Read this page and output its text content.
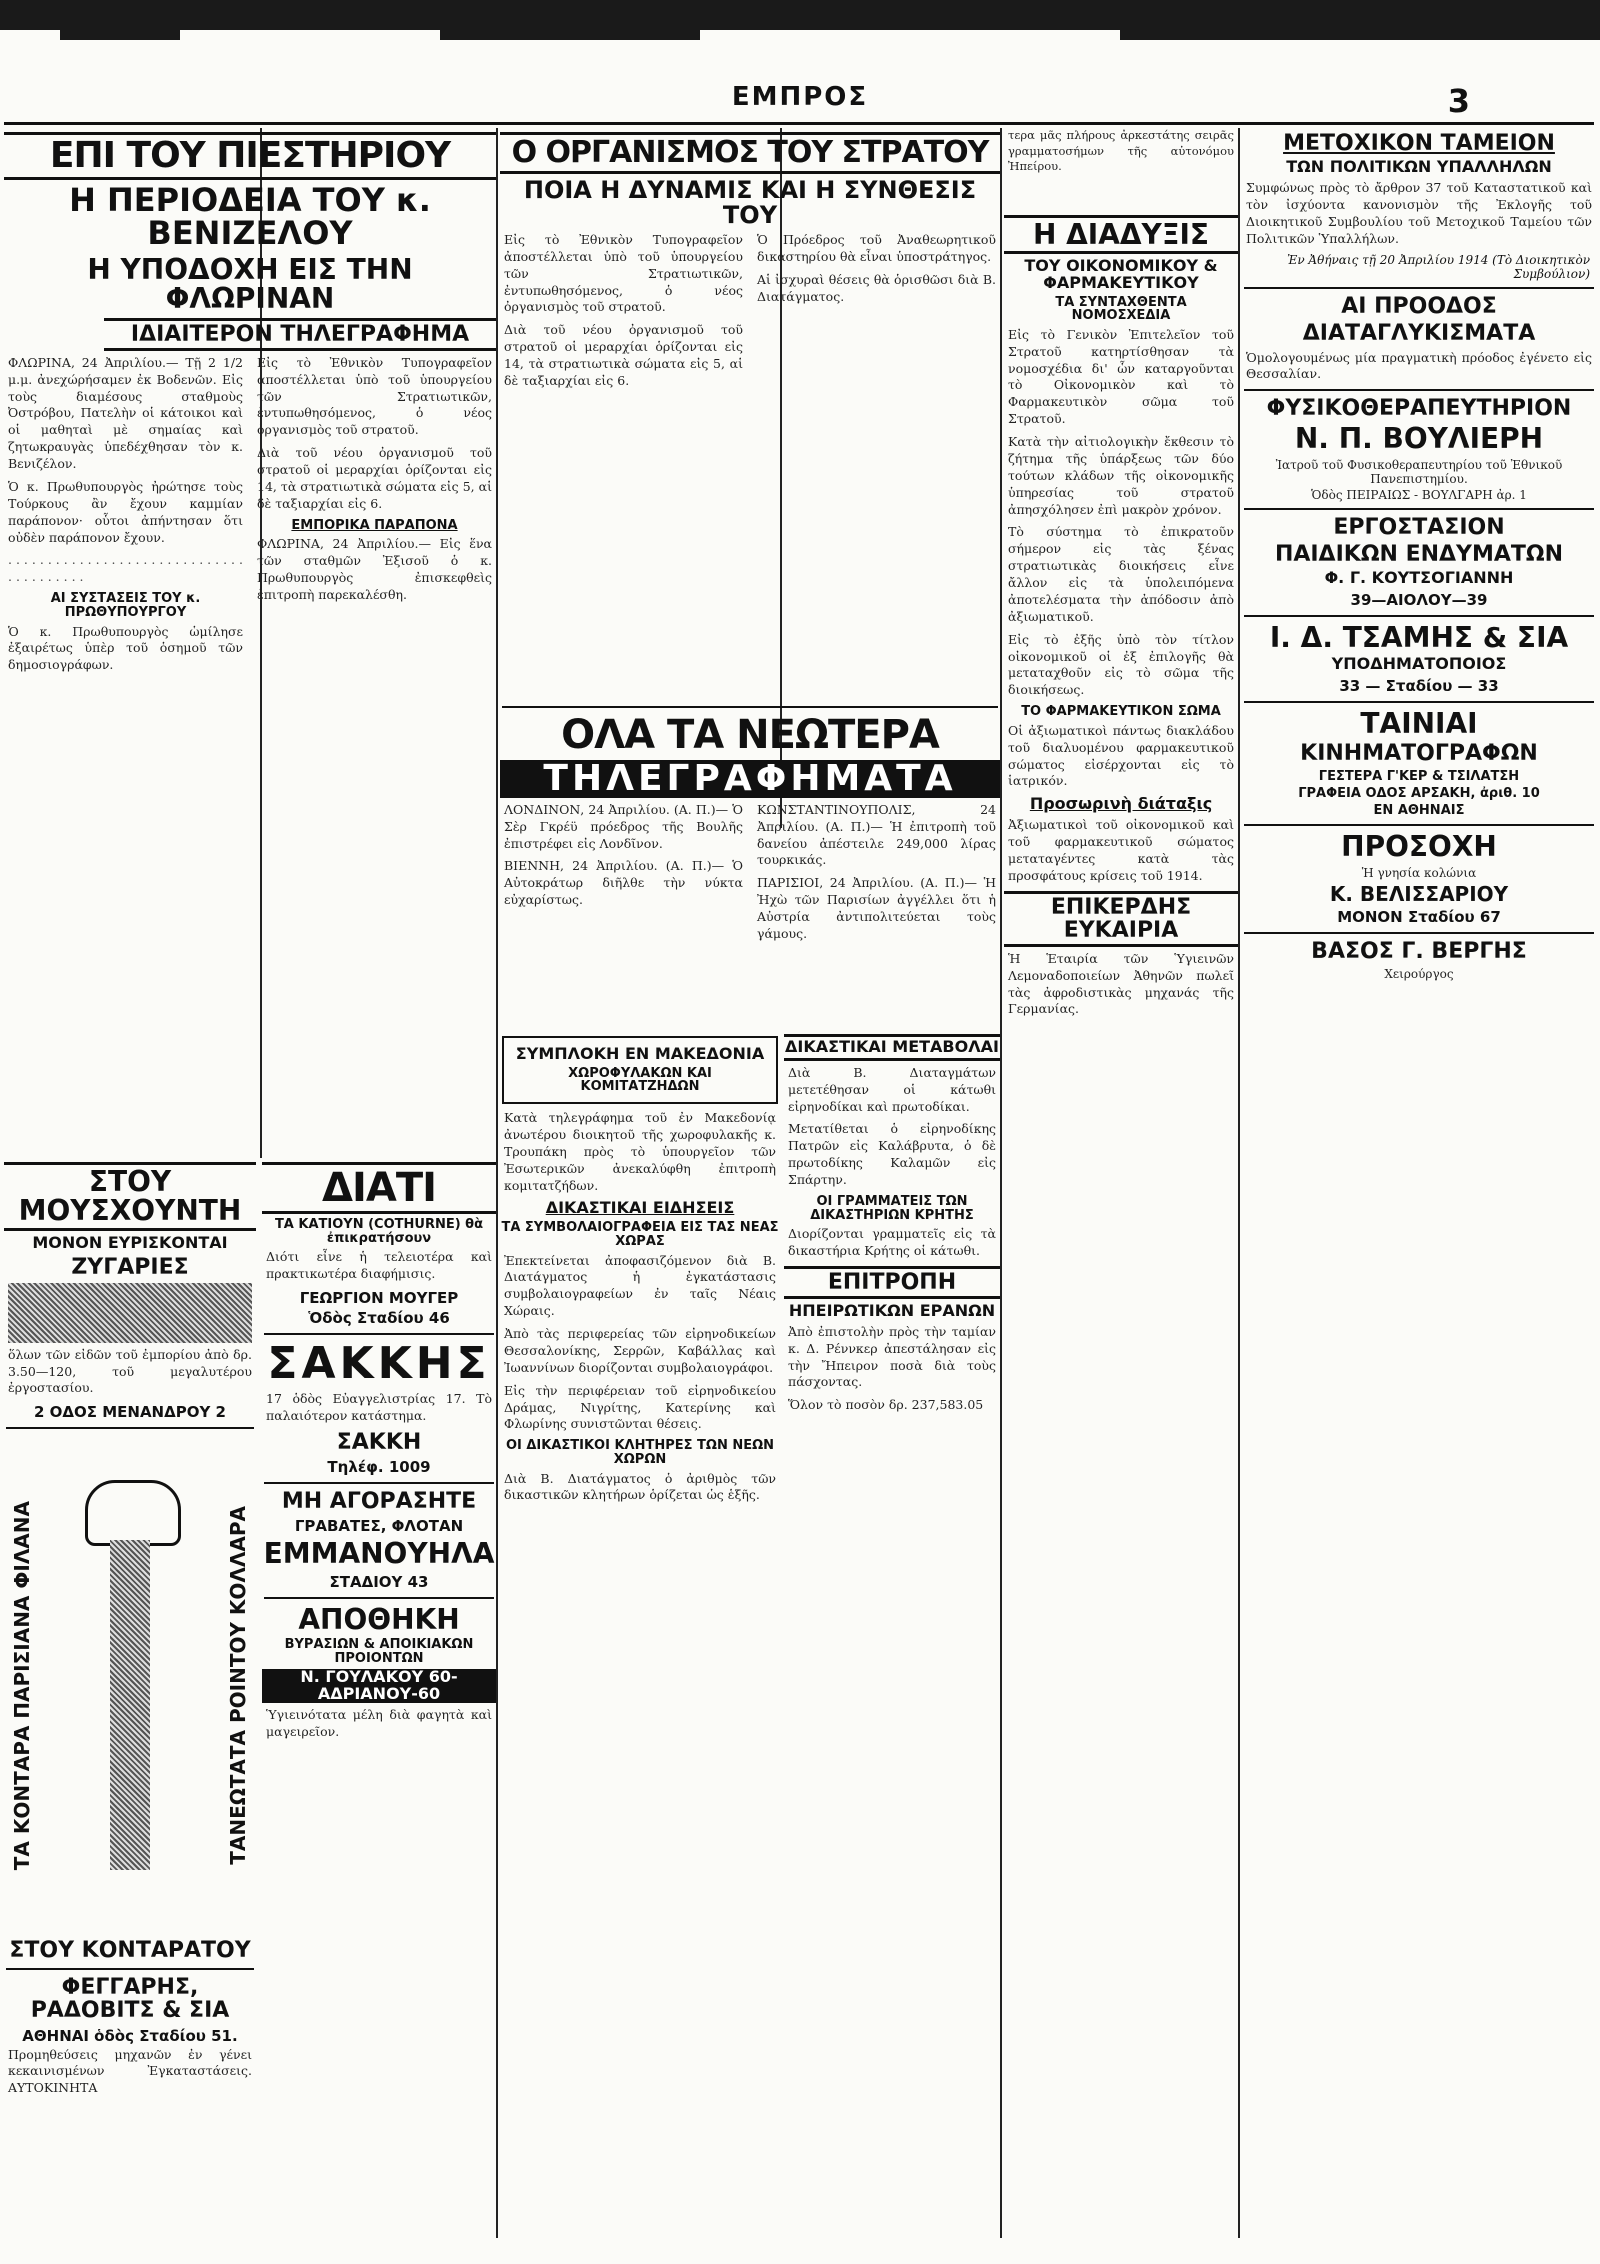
ΕΜΠΡΟΣ	3
ΕΠΙ ΤΟΥ ΠΙΕΣΤΗΡΙΟΥ
Η ΠΕΡΙΟΔΕΙΑ ΤΟΥ κ. ΒΕΝΙΖΕΛΟΥ
Η ΥΠΟΔΟΧΗ ΕΙΣ ΤΗΝ ΦΛΩΡΙΝΑΝ
ΙΔΙΑΙΤΕΡΟΝ ΤΗΛΕΓΡΑΦΗΜΑ

ΦΛΩΡΙΝΑ, 24 Ἀπριλίου.— Τῇ 2 1/2 μ.μ. ἀνεχώρήσαμεν ἐκ Βοδενῶν. Εἰς τοὺς διαμέσους σταθμοὺς Ὀστρόβου, Πατελὴν οἱ κάτοικοι καὶ οἱ μαθηταὶ μὲ σημαίας καὶ ζητωκραυγὰς ὑπεδέχθησαν τὸν κ. Βενιζέλον.

Ὁ κ. Πρωθυπουργὸς ἠρώτησε τοὺς Τούρκους ἂν ἔχουν καμμίαν παράπονον· οὗτοι ἀπήντησαν ὅτι οὐδὲν παράπονον ἔχουν.

. . . . . . . . . . . . . . . . . . . . . . . . . . . . . . . . . . . . . . . .

ΑΙ ΣΥΣΤΑΣΕΙΣ ΤΟΥ κ. ΠΡΩΘΥΠΟΥΡΓΟΥ

Ὁ κ. Πρωθυπουργὸς ὡμίλησε ἐξαιρέτως ὑπὲρ τοῦ ὁσημοῦ τῶν δημοσιογράφων.

Εἰς τὸ Ἐθνικὸν Τυπογραφεῖον ἀποστέλλεται ὑπὸ τοῦ ὑπουργείου τῶν Στρατιωτικῶν, ἐντυπωθησόμενος, ὁ νέος ὀργανισμὸς τοῦ στρατοῦ.

Διὰ τοῦ νέου ὀργανισμοῦ τοῦ στρατοῦ οἱ μεραρχίαι ὁρίζονται εἰς 14, τὰ στρατιωτικὰ σώματα εἰς 5, αἱ δὲ ταξιαρχίαι εἰς 6.

ΕΜΠΟΡΙΚΑ ΠΑΡΑΠΟΝΑ

ΦΛΩΡΙΝΑ, 24 Ἀπριλίου.— Εἰς ἕνα τῶν σταθμῶν Ἐξισοῦ ὁ κ. Πρωθυπουργὸς ἐπισκεφθεὶς ἐπιτροπὴ παρεκαλέσθη.

Ο ΟΡΓΑΝΙΣΜΟΣ ΤΟΥ ΣΤΡΑΤΟΥ
ΠΟΙΑ Η ΔΥΝΑΜΙΣ ΚΑΙ Η ΣΥΝΘΕΣΙΣ ΤΟΥ

Εἰς τὸ Ἐθνικὸν Τυπογραφεῖον ἀποστέλλεται ὑπὸ τοῦ ὑπουργείου τῶν Στρατιωτικῶν, ἐντυπωθησόμενος, ὁ νέος ὀργανισμὸς τοῦ στρατοῦ.

Διὰ τοῦ νέου ὀργανισμοῦ τοῦ στρατοῦ οἱ μεραρχίαι ὁρίζονται εἰς 14, τὰ στρατιωτικὰ σώματα εἰς 5, αἱ δὲ ταξιαρχίαι εἰς 6.

Ὁ Πρόεδρος τοῦ Ἀναθεωρητικοῦ δικαστηρίου θὰ εἶναι ὑποστράτηγος.

Αἱ ἰσχυραὶ θέσεις θὰ ὁρισθῶσι διὰ Β. Διατάγματος.

ΟΛΑ ΤΑ ΝΕΩΤΕΡΑ
ΤΗΛΕΓΡΑΦΗΜΑΤΑ

ΛΟΝΔΙΝΟΝ, 24 Ἀπριλίου. (Α. Π.)— Ὁ Σὲρ Γκρέϋ πρόεδρος τῆς Βουλῆς ἐπιστρέφει εἰς Λονδῖνον.

ΒΙΕΝΝΗ, 24 Ἀπριλίου. (Α. Π.)— Ὁ Αὐτοκράτωρ διῆλθε τὴν νύκτα εὐχαρίστως.

ΚΩΝΣΤΑΝΤΙΝΟΥΠΟΛΙΣ, 24 Ἀπριλίου. (Α. Π.)— Ἡ ἐπιτροπὴ τοῦ δανείου ἀπέστειλε 249,000 λίρας τουρκικάς.

ΠΑΡΙΣΙΟΙ, 24 Ἀπριλίου. (Α. Π.)— Ἡ Ἠχὼ τῶν Παρισίων ἀγγέλλει ὅτι ἡ Αὐστρία ἀντιπολιτεύεται τοὺς γάμους.

τερα μᾶς πλήρους ἀρκεστάτης σειρᾶς γραμματοσήμων τῆς αὐτονόμου Ἠπείρου.

Η ΔΙΑΔΥΞΙΣ
ΤΟΥ ΟΙΚΟΝΟΜΙΚΟΥ & ΦΑΡΜΑΚΕΥΤΙΚΟΥ
ΤΑ ΣΥΝΤΑΧΘΕΝΤΑ ΝΟΜΟΣΧΕΔΙΑ

Εἰς τὸ Γενικὸν Ἐπιτελεῖον τοῦ Στρατοῦ κατηρτίσθησαν τὰ νομοσχέδια δι' ὧν καταργοῦνται τὸ Οἰκονομικὸν καὶ τὸ Φαρμακευτικὸν σῶμα τοῦ Στρατοῦ.

Κατὰ τὴν αἰτιολογικὴν ἔκθεσιν τὸ ζήτημα τῆς ὑπάρξεως τῶν δύο τούτων κλάδων τῆς οἰκονομικῆς ὑπηρεσίας τοῦ στρατοῦ ἀπησχόλησεν ἐπὶ μακρὸν χρόνον.

Τὸ σύστημα τὸ ἐπικρατοῦν σήμερον εἰς τὰς ξένας στρατιωτικὰς διοικήσεις εἶνε ἄλλον εἰς τὰ ὑπολειπόμενα ἀποτελέσματα τὴν ἀπόδοσιν ἀπὸ ἀξιωματικοῦ.

Εἰς τὸ ἐξῆς ὑπὸ τὸν τίτλον οἰκονομικοῦ οἱ ἐξ ἐπιλογῆς θὰ μεταταχθοῦν εἰς τὸ σῶμα τῆς διοικήσεως.

ΤΟ ΦΑΡΜΑΚΕΥΤΙΚΟΝ ΣΩΜΑ

Οἱ ἀξιωματικοὶ πάντως διακλάδου τοῦ διαλυομένου φαρμακευτικοῦ σώματος εἰσέρχονται εἰς τὸ ἱατρικόν.

Προσωρινὴ διάταξις

Ἀξιωματικοὶ τοῦ οἰκονομικοῦ καὶ τοῦ φαρμακευτικοῦ σώματος μεταταγέντες κατὰ τὰς προσφάτους κρίσεις τοῦ 1914.

ΕΠΙΚΕΡΔΗΣ ΕΥΚΑΙΡΙΑ

Ἡ Ἑταιρία τῶν Ὑγιεινῶν Λεμοναδοποιείων Ἀθηνῶν πωλεῖ τὰς ἀφροδιστικὰς μηχανάς τῆς Γερμανίας.

ΜΕΤΟΧΙΚΟΝ ΤΑΜΕΙΟΝ
ΤΩΝ ΠΟΛΙΤΙΚΩΝ ΥΠΑΛΛΗΛΩΝ

Συμφώνως πρὸς τὸ ἄρθρον 37 τοῦ Καταστατικοῦ καὶ τὸν ἰσχύοντα κανονισμὸν τῆς Ἐκλογῆς τοῦ Διοικητικοῦ Συμβουλίου τοῦ Μετοχικοῦ Ταμείου τῶν Πολιτικῶν Ὑπαλλήλων.

Ἐν Ἀθήναις τῇ 20 Ἀπριλίου 1914 (Τὸ Διοικητικὸν Συμβούλιον)

ΑΙ ΠΡΟΟΔΟΣ
ΔΙΑΤΑΓΛΥΚΙΣΜΑΤΑ

Ὁμολογουμένως μία πραγματικὴ πρόοδος ἐγένετο εἰς Θεσσαλίαν.

ΦΥΣΙΚΟΘΕΡΑΠΕΥΤΗΡΙΟΝ
Ν. Π. ΒΟΥΛΙΕΡΗ

Ἰατροῦ τοῦ Φυσικοθεραπευτηρίου τοῦ Ἐθνικοῦ Πανεπιστημίου.

Ὁδὸς ΠΕΙΡΑΙΩΣ - ΒΟΥΛΓΑΡΗ ἀρ. 1

ΕΡΓΟΣΤΑΣΙΟΝ
ΠΑΙΔΙΚΩΝ ΕΝΔΥΜΑΤΩΝ
Φ. Γ. ΚΟΥΤΣΟΓΙΑΝΝΗ
39—ΑΙΟΛΟΥ—39
Ι. Δ. ΤΣΑΜΗΣ & ΣΙΑ
ΥΠΟΔΗΜΑΤΟΠΟΙΟΣ
33 — Σταδίου — 33
ΤΑΙΝΙΑΙ
ΚΙΝΗΜΑΤΟΓΡΑΦΩΝ
ΓΕΣΤΕΡΑ Γ'ΚΕΡ & ΤΣΙΛΑΤΣΗ
ΓΡΑΦΕΙΑ ΟΔΟΣ ΑΡΣΑΚΗ, ἀριθ. 10
ΕΝ ΑΘΗΝΑΙΣ
ΠΡΟΣΟΧΗ

Ἡ γνησία κολώνια

Κ. ΒΕΛΙΣΣΑΡΙΟΥ
ΜΟΝΟΝ Σταδίου 67
ΒΑΣΟΣ Γ. ΒΕΡΓΗΣ

Χειρούργος

ΣΥΜΠΛΟΚΗ ΕΝ ΜΑΚΕΔΟΝΙΑ
ΧΩΡΟΦΥΛΑΚΩΝ ΚΑΙ ΚΟΜΙΤΑΤΖΗΔΩΝ

Κατὰ τηλεγράφημα τοῦ ἐν Μακεδονίᾳ ἀνωτέρου διοικητοῦ τῆς χωροφυλακῆς κ. Τρουπάκη πρὸς τὸ ὑπουργεῖον τῶν Ἐσωτερικῶν ἀνεκαλύφθη ἐπιτροπὴ κομιτατζήδων.

ΔΙΚΑΣΤΙΚΑΙ ΕΙΔΗΣΕΙΣ
ΤΑ ΣΥΜΒΟΛΑΙΟΓΡΑΦΕΙΑ ΕΙΣ ΤΑΣ ΝΕΑΣ ΧΩΡΑΣ

Ἐπεκτείνεται ἀποφασιζόμενον διὰ Β. Διατάγματος ἡ ἐγκατάστασις συμβολαιογραφείων ἐν ταῖς Νέαις Χώραις.

Ἀπὸ τὰς περιφερείας τῶν εἰρηνοδικείων Θεσσαλονίκης, Σερρῶν, Καβάλλας καὶ Ἰωαννίνων διορίζονται συμβολαιογράφοι.

Εἰς τὴν περιφέρειαν τοῦ εἰρηνοδικείου Δράμας, Νιγρίτης, Κατερίνης καὶ Φλωρίνης συνιστῶνται θέσεις.

ΟΙ ΔΙΚΑΣΤΙΚΟΙ ΚΛΗΤΗΡΕΣ ΤΩΝ ΝΕΩΝ ΧΩΡΩΝ

Διὰ Β. Διατάγματος ὁ ἀριθμὸς τῶν δικαστικῶν κλητήρων ὁρίζεται ὡς ἑξῆς.

ΔΙΚΑΣΤΙΚΑΙ ΜΕΤΑΒΟΛΑΙ

Διὰ Β. Διαταγμάτων μετετέθησαν οἱ κάτωθι εἰρηνοδίκαι καὶ πρωτοδίκαι.

Μετατίθεται ὁ εἰρηνοδίκης Πατρῶν εἰς Καλάβρυτα, ὁ δὲ πρωτοδίκης Καλαμῶν εἰς Σπάρτην.

ΟΙ ΓΡΑΜΜΑΤΕΙΣ ΤΩΝ ΔΙΚΑΣΤΗΡΙΩΝ ΚΡΗΤΗΣ

Διορίζονται γραμματεῖς εἰς τὰ δικαστήρια Κρήτης οἱ κάτωθι.

ΕΠΙΤΡΟΠΗ
ΗΠΕΙΡΩΤΙΚΩΝ ΕΡΑΝΩΝ

Ἀπὸ ἐπιστολὴν πρὸς τὴν ταμίαν κ. Δ. Ρέννκερ ἀπεστάλησαν εἰς τὴν Ἤπειρον ποσὰ διὰ τοὺς πάσχοντας.

Ὅλον τὸ ποσὸν δρ. 237,583.05

ΣΤΟΥ ΜΟΥΣΧΟΥΝΤΗ
ΜΟΝΟΝ ΕΥΡΙΣΚΟΝΤΑΙ
ΖΥΓΑΡΙΕΣ

ὅλων τῶν εἰδῶν τοῦ ἐμπορίου ἀπὸ δρ. 3.50—120, τοῦ μεγαλυτέρου ἐργοστασίου.

2 ΟΔΟΣ ΜΕΝΑΝΔΡΟΥ 2
ΤΑ ΚΟΝΤΑΡΑ ΠΑΡΙΣΙΑΝΑ ΦΙΛΑΝΑ	ΤΑΝΕΩΤΑΤΑ ΡΟΙΝΤΟΥ ΚΟΛΛΑΡΑ
ΣΤΟΥ ΚΟΝΤΑΡΑΤΟΥ
ΦΕΓΓΑΡΗΣ, ΡΑΔΟΒΙΤΣ & ΣΙΑ
ΑΘΗΝΑΙ ὁδὸς Σταδίου 51.

Προμηθεύσεις μηχανῶν ἐν γένει κεκαινισμένων Ἐγκαταστάσεις. ΑΥΤΟΚΙΝΗΤΑ

ΔΙΑΤΙ
ΤΑ ΚΑΤΙΟΥΝ (COTHURNE) θὰ ἐπικρατήσουν

Διότι εἶνε ἡ τελειοτέρα καὶ πρακτικωτέρα διαφήμισις.

ΓΕΩΡΓΙΟΝ ΜΟΥΓΕΡ
Ὁδὸς Σταδίου 46
ΣΑΚΚΗΣ

17 ὁδὸς Εὐαγγελιστρίας 17. Τὸ παλαιότερον κατάστημα.

ΣΑΚΚΗ
Τηλέφ. 1009
ΜΗ ΑΓΟΡΑΣΗΤΕ
ΓΡΑΒΑΤΕΣ, ΦΛΟΤΑΝ
ΕΜΜΑΝΟΥΗΛΑ
ΣΤΑΔΙΟΥ 43
ΑΠΟΘΗΚΗ
ΒΥΡΑΣΙΩΝ & ΑΠΟΙΚΙΑΚΩΝ ΠΡΟΙΟΝΤΩΝ
Ν. ΓΟΥΛΑΚΟΥ 60-ΑΔΡΙΑΝΟΥ-60

Ὑγιεινότατα μέλη διὰ φαγητὰ καὶ μαγειρεῖον.
